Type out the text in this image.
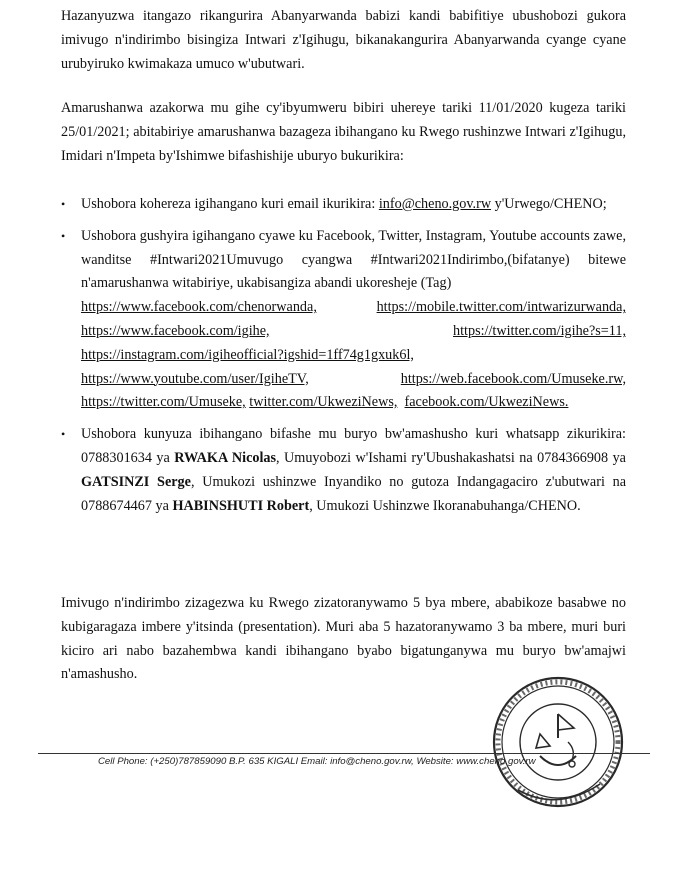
Hazanyuzwa itangazo rikangurira Abanyarwanda babizi kandi babifitiye ubushobozi gukora imivugo n'indirimbo bisingiza Intwari z'Igihugu, bikanakangurira Abanyarwanda cyange cyane urubyiruko kwimakaza umuco w'ubutwari.

Amarushanwa azakorwa mu gihe cy'ibyumweru bibiri uhereye tariki 11/01/2020 kugeza tariki 25/01/2021; abitabiriye amarushanwa bazageza ibihangano ku Rwego rushinzwe Intwari z'Igihugu, Imidari n'Impeta by'Ishimwe bifashishije uburyo bukurikira:

• Ushobora kohereza igihangano kuri email ikurikira: info@cheno.gov.rw y'Urwego/CHENO;
• Ushobora gushyira igihangano cyawe ku Facebook, Twitter, Instagram, Youtube accounts zawe, wanditse #Intwari2021Umuvugo cyangwa #Intwari2021Indirimbo,(bifatanye) bitewe n'amarushanwa witabiriye, ukabisangiza abandi ukoresheje (Tag)
https://www.facebook.com/chenorwanda,	https://mobile.twitter.com/intwarizurwanda,
https://www.facebook.com/igihe,	https://twitter.com/igihe?s=11,
https://instagram.com/igiheofficial?igshid=1ff74g1gxuk6l,
https://www.youtube.com/user/IgiheTV,	https://web.facebook.com/Umuseke.rw,
https://twitter.com/Umuseke,
twitter.com/UkweziNews,
facebook.com/UkweziNews.
• Ushobora kunyuza ibihangano bifashe mu buryo bw'amashusho kuri whatsapp zikurikira: 0788301634 ya RWAKA Nicolas, Umuyobozi w'Ishami ry'Ubushakashatsi na 0784366908 ya GATSINZI Serge, Umukozi ushinzwe Inyandiko no gutoza Indangagaciro z'ubutwari na 0788674467 ya HABINSHUTI Robert, Umukozi Ushinzwe Ikoranabuhanga/CHENO.

Imivugo n'indirimbo zizagezwa ku Rwego zizatoranywamo 5 bya mbere, ababikoze basabwe no kubigaragaza imbere y'itsinda (presentation). Muri aba 5 hazatoranywamo 3 ba mbere, muri buri kiciro ari nabo bazahembwa kandi ibihangano byabo bigatunganywa mu buryo bw'amajwi n'amashusho.

Cell Phone: (+250)787859090 B.P. 635 KIGALI Email: info@cheno.gov.rw, Website: www.cheno.gov.rw
